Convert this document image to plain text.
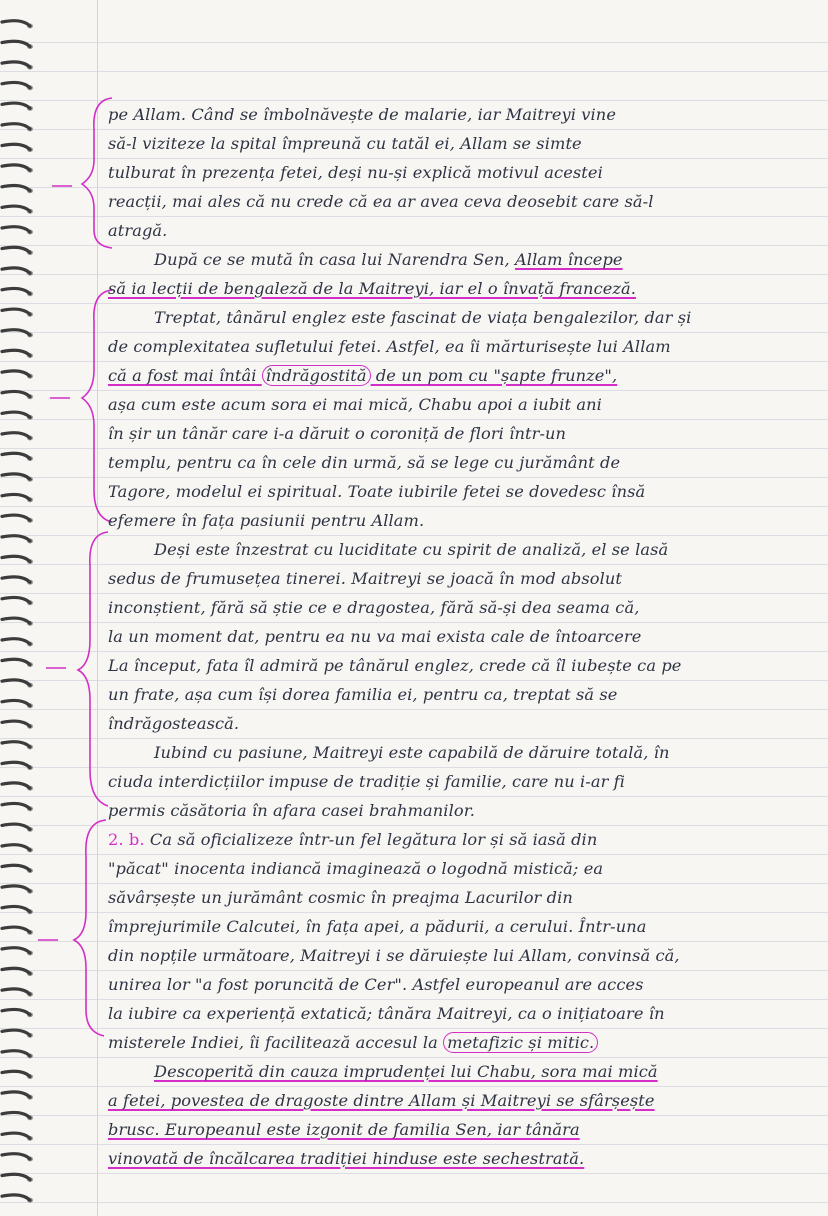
pe Allam. Când se îmbolnăvește de malarie, iar Maitreyi vine
să-l viziteze la spital împreună cu tatăl ei, Allam se simte
tulburat în prezența fetei, deși nu-și explică motivul acestei
reacții, mai ales că nu crede că ea ar avea ceva deosebit care să-l
atragă.
După ce se mută în casa lui Narendra Sen, Allam începe
să ia lecții de bengaleză de la Maitreyi, iar el o învață franceză.
Treptat, tânărul englez este fascinat de viața bengalezilor, dar și
de complexitatea sufletului fetei. Astfel, ea îi mărturisește lui Allam
că a fost mai întâi îndrăgostită de un pom cu "șapte frunze",
așa cum este acum sora ei mai mică, Chabu apoi a iubit ani
în șir un tânăr care i-a dăruit o coroniță de flori într-un
templu, pentru ca în cele din urmă, să se lege cu jurământ de
Tagore, modelul ei spiritual. Toate iubirile fetei se dovedesc însă
efemere în fața pasiunii pentru Allam.
Deși este înzestrat cu luciditate cu spirit de analiză, el se lasă
sedus de frumusețea tinerei. Maitreyi se joacă în mod absolut
inconștient, fără să știe ce e dragostea, fără să-și dea seama că,
la un moment dat, pentru ea nu va mai exista cale de întoarcere
La început, fata îl admiră pe tânărul englez, crede că îl iubește ca pe
un frate, așa cum își dorea familia ei, pentru ca, treptat să se
îndrăgostească.
Iubind cu pasiune, Maitreyi este capabilă de dăruire totală, în
ciuda interdicțiilor impuse de tradiție și familie, care nu i-ar fi
permis căsătoria în afara casei brahmanilor.
2. b. Ca să oficializeze într-un fel legătura lor și să iasă din
"păcat" inocenta indiancă imaginează o logodnă mistică; ea
săvârșește un jurământ cosmic în preajma Lacurilor din
împrejurimile Calcutei, în fața apei, a pădurii, a cerului. Într-una
din nopțile următoare, Maitreyi i se dăruiește lui Allam, convinsă că,
unirea lor "a fost poruncită de Cer". Astfel europeanul are acces
la iubire ca experiență extatică; tânăra Maitreyi, ca o inițiatoare în
misterele Indiei, îi facilitează accesul la metafizic și mitic.
Descoperită din cauza imprudenței lui Chabu, sora mai mică
a fetei, povestea de dragoste dintre Allam și Maitreyi se sfârșește
brusc. Europeanul este izgonit de familia Sen, iar tânăra
vinovată de încălcarea tradiției hinduse este sechestrată.
